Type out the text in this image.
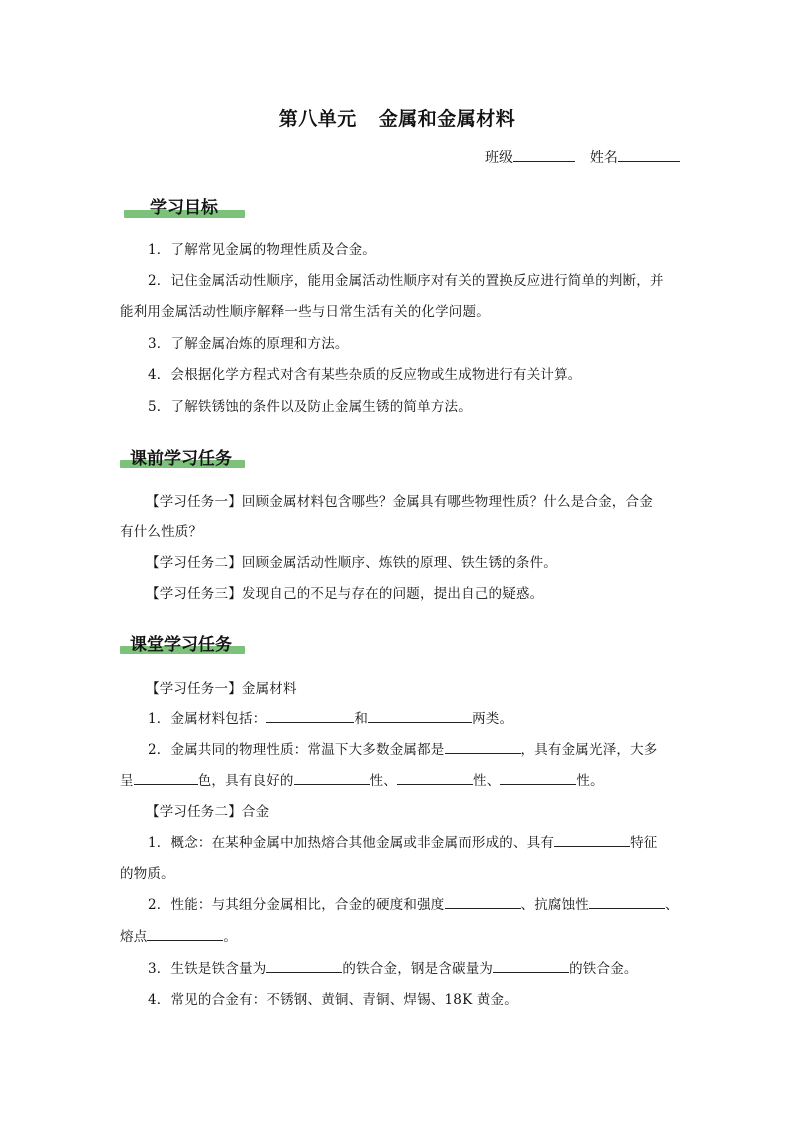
第八单元 金属和金属材料
班级	姓名
学习目标
1．了解常见金属的物理性质及合金。
2．记住金属活动性顺序，能用金属活动性顺序对有关的置换反应进行简单的判断，并
能利用金属活动性顺序解释一些与日常生活有关的化学问题。
3．了解金属冶炼的原理和方法。
4．会根据化学方程式对含有某些杂质的反应物或生成物进行有关计算。
5．了解铁锈蚀的条件以及防止金属生锈的简单方法。
课前学习任务
【学习任务一】回顾金属材料包含哪些？金属具有哪些物理性质？什么是合金，合金
有什么性质？
【学习任务二】回顾金属活动性顺序、炼铁的原理、铁生锈的条件。
【学习任务三】发现自己的不足与存在的问题，提出自己的疑惑。
课堂学习任务
【学习任务一】金属材料
1．金属材料包括：	和	两类。
2．金属共同的物理性质：常温下大多数金属都是	，具有金属光泽，大多
呈	色，具有良好的	性、	性、	性。
【学习任务二】合金
1．概念：在某种金属中加热熔合其他金属或非金属而形成的、具有	特征
的物质。
2．性能：与其组分金属相比，合金的硬度和强度	、抗腐蚀性	、
熔点	。
3．生铁是铁含量为	的铁合金，钢是含碳量为	的铁合金。
4．常见的合金有：不锈钢、黄铜、青铜、焊锡、18K 黄金。
